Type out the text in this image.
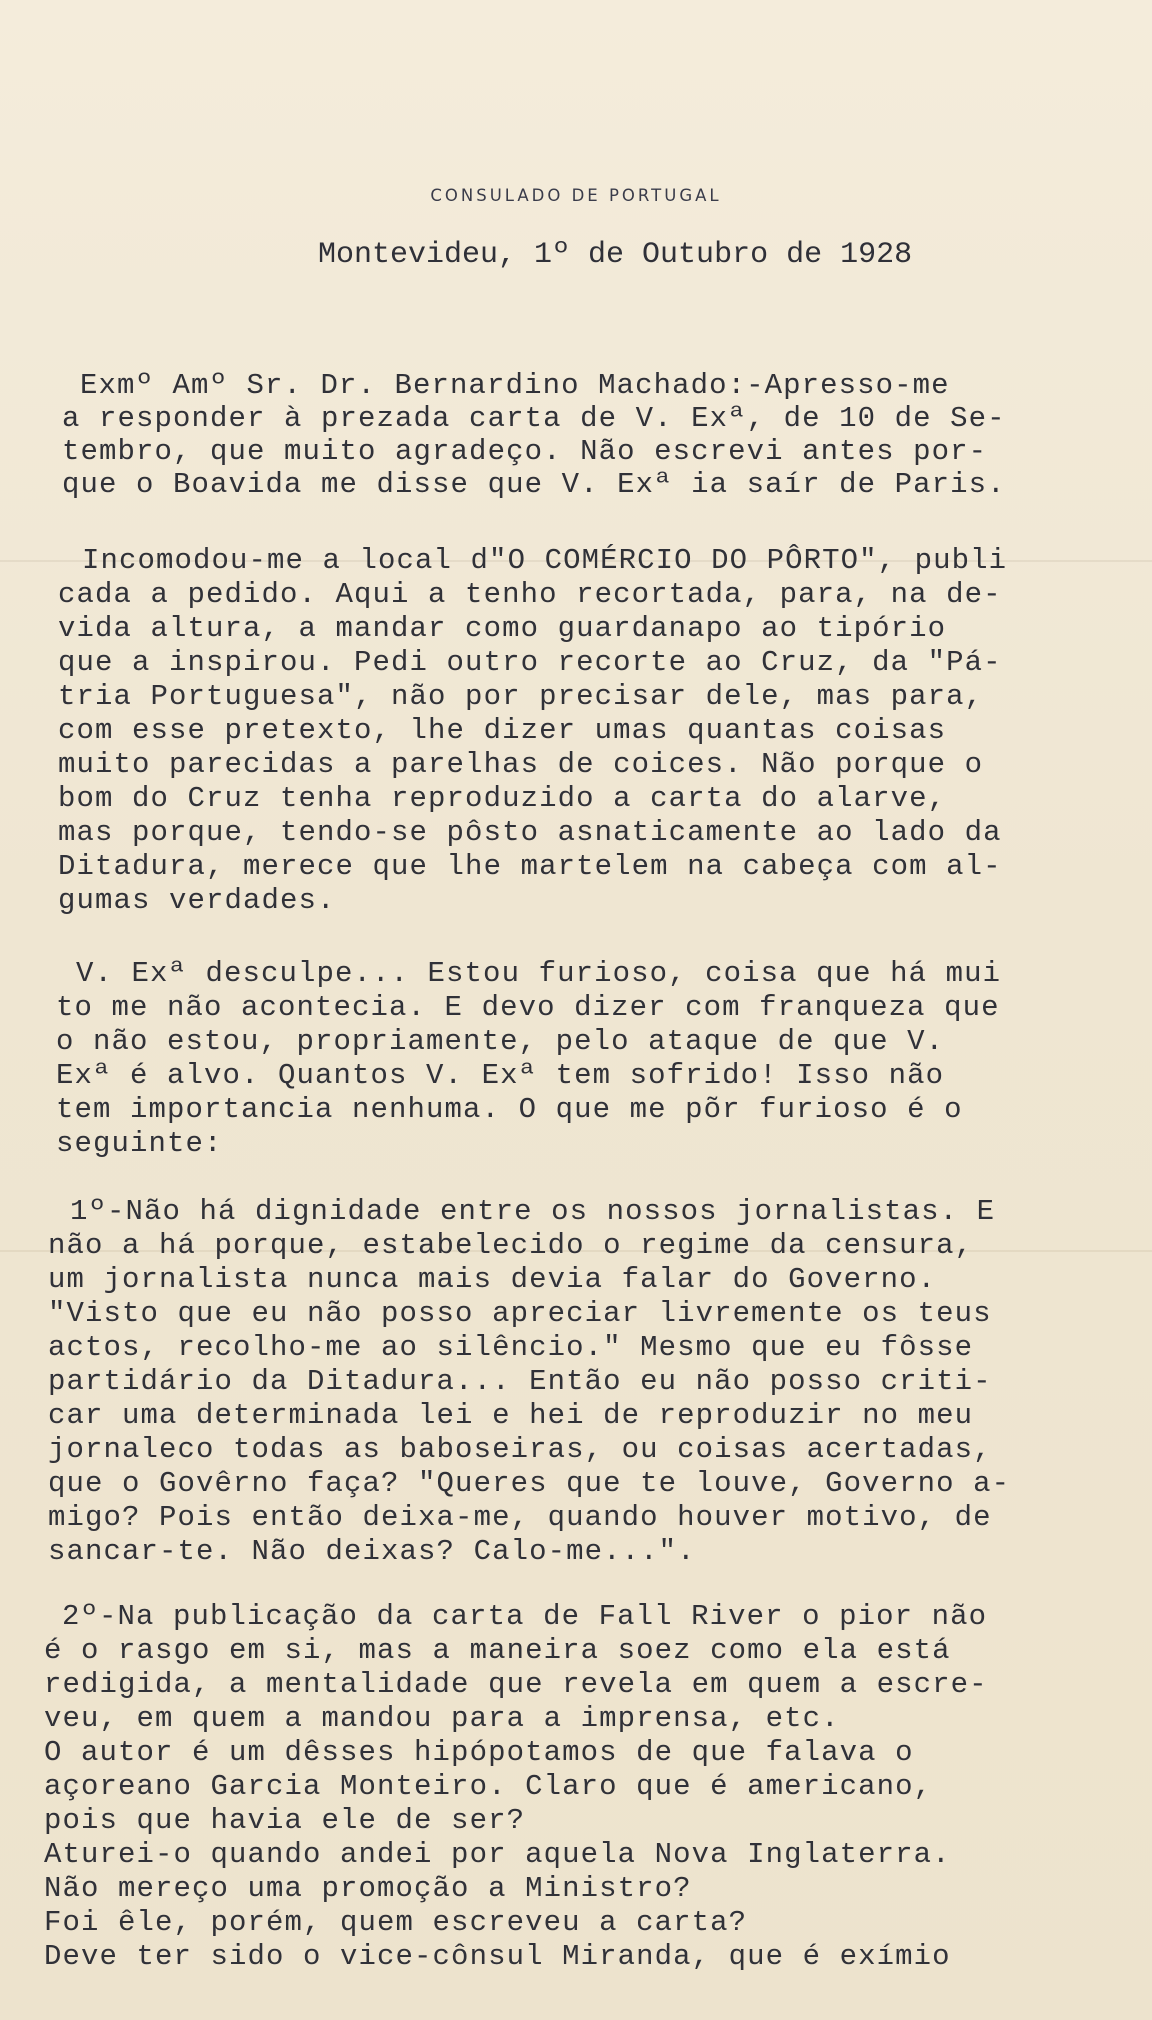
CONSULADO DE PORTUGAL
Montevideu, 1º de Outubro de 1928
Exmº Amº Sr. Dr. Bernardino Machado:-Apresso-me
a responder à prezada carta de V. Exª, de 10 de Se-
tembro, que muito agradeço. Não escrevi antes por-
que o Boavida me disse que V. Exª ia saír de Paris.
Incomodou-me a local d"O COMÉRCIO DO PÔRTO", publi
cada a pedido. Aqui a tenho recortada, para, na de-
vida altura, a mandar como guardanapo ao tipório
que a inspirou. Pedi outro recorte ao Cruz, da "Pá-
tria Portuguesa", não por precisar dele, mas para,
com esse pretexto, lhe dizer umas quantas coisas
muito parecidas a parelhas de coices. Não porque o
bom do Cruz tenha reproduzido a carta do alarve,
mas porque, tendo-se pôsto asnaticamente ao lado da
Ditadura, merece que lhe martelem na cabeça com al-
gumas verdades.
V. Exª desculpe... Estou furioso, coisa que há mui
to me não acontecia. E devo dizer com franqueza que
o não estou, propriamente, pelo ataque de que V.
Exª é alvo. Quantos V. Exª tem sofrido! Isso não
tem importancia nenhuma. O que me põr furioso é o
seguinte:
1º-Não há dignidade entre os nossos jornalistas. E
não a há porque, estabelecido o regime da censura,
um jornalista nunca mais devia falar do Governo.
"Visto que eu não posso apreciar livremente os teus
actos, recolho-me ao silêncio." Mesmo que eu fôsse
partidário da Ditadura... Então eu não posso criti-
car uma determinada lei e hei de reproduzir no meu
jornaleco todas as baboseiras, ou coisas acertadas,
que o Govêrno faça? "Queres que te louve, Governo a-
migo? Pois então deixa-me, quando houver motivo, de
sancar-te. Não deixas? Calo-me...".
2º-Na publicação da carta de Fall River o pior não
é o rasgo em si, mas a maneira soez como ela está
redigida, a mentalidade que revela em quem a escre-
veu, em quem a mandou para a imprensa, etc.
O autor é um dêsses hipópotamos de que falava o
açoreano Garcia Monteiro. Claro que é americano,
pois que havia ele de ser?
Aturei-o quando andei por aquela Nova Inglaterra.
Não mereço uma promoção a Ministro?
Foi êle, porém, quem escreveu a carta?
Deve ter sido o vice-cônsul Miranda, que é exímio
